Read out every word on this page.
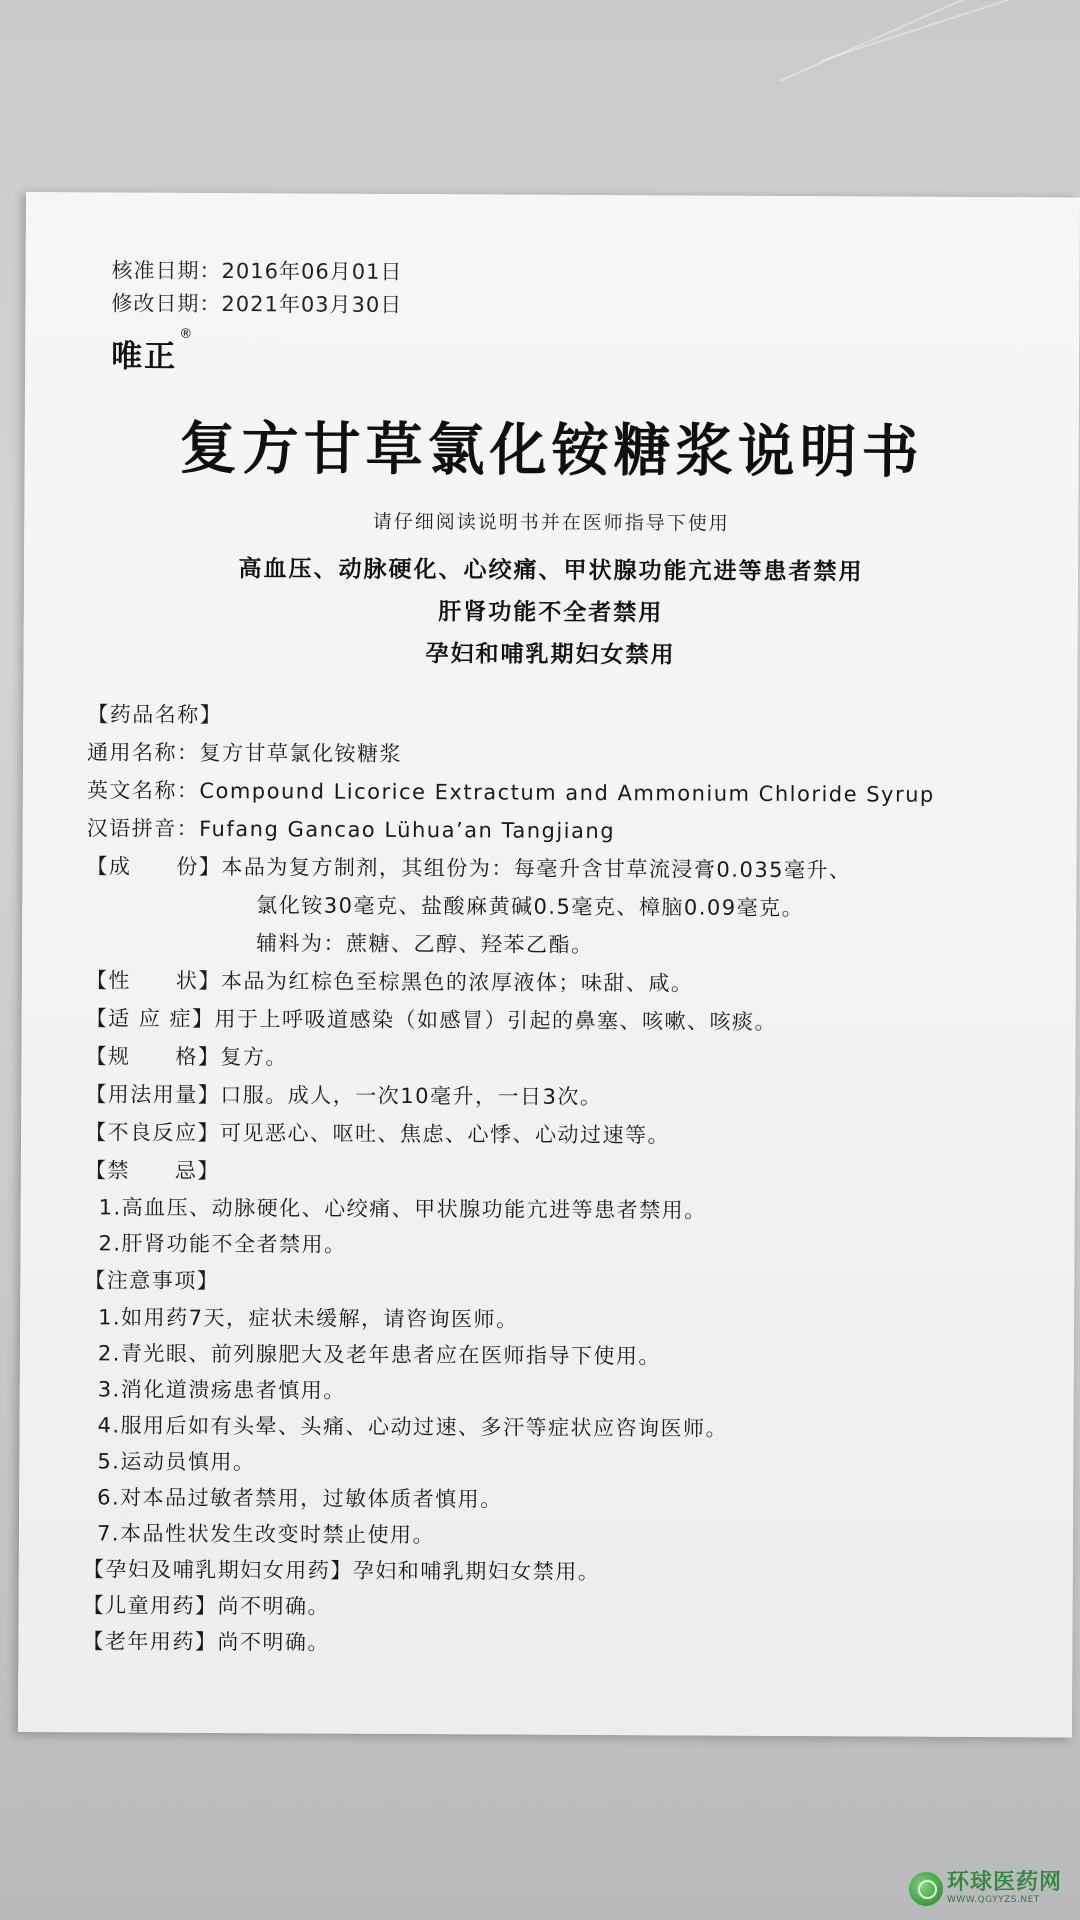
核准日期：2016年06月01日
修改日期：2021年03月30日
唯正®
复方甘草氯化铵糖浆说明书
请仔细阅读说明书并在医师指导下使用
高血压、动脉硬化、心绞痛、甲状腺功能亢进等患者禁用
肝肾功能不全者禁用
孕妇和哺乳期妇女禁用
【药品名称】
通用名称：复方甘草氯化铵糖浆
英文名称：Compound Licorice Extractum and Ammonium Chloride Syrup
汉语拼音：Fufang Gancao Lühua’an Tangjiang
【成　　份】本品为复方制剂，其组份为：每毫升含甘草流浸膏0.035毫升、
氯化铵30毫克、盐酸麻黄碱0.5毫克、樟脑0.09毫克。
辅料为：蔗糖、乙醇、羟苯乙酯。
【性　　状】本品为红棕色至棕黑色的浓厚液体；味甜、咸。
【适 应 症】用于上呼吸道感染（如感冒）引起的鼻塞、咳嗽、咳痰。
【规　　格】复方。
【用法用量】口服。成人，一次10毫升，一日3次。
【不良反应】可见恶心、呕吐、焦虑、心悸、心动过速等。
【禁　　忌】
1.高血压、动脉硬化、心绞痛、甲状腺功能亢进等患者禁用。
2.肝肾功能不全者禁用。
【注意事项】
1.如用药7天，症状未缓解，请咨询医师。
2.青光眼、前列腺肥大及老年患者应在医师指导下使用。
3.消化道溃疡患者慎用。
4.服用后如有头晕、头痛、心动过速、多汗等症状应咨询医师。
5.运动员慎用。
6.对本品过敏者禁用，过敏体质者慎用。
7.本品性状发生改变时禁止使用。
【孕妇及哺乳期妇女用药】孕妇和哺乳期妇女禁用。
【儿童用药】尚不明确。
【老年用药】尚不明确。
环球医药网
WWW.QGYYZS.NET
